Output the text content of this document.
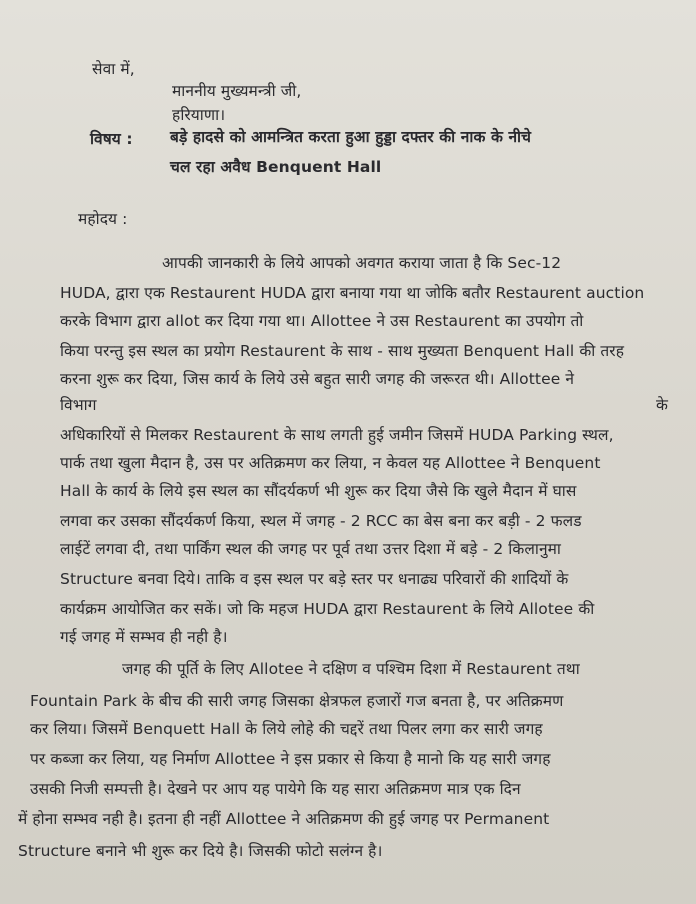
सेवा में,
माननीय मुख्यमन्त्री जी,
हरियाणा।
विषय : बड़े हादसे को आमन्त्रित करता हुआ हुड्डा दफ्तर की नाक के नीचे
चल रहा अवैध Benquent Hall
महोदय :
आपकी जानकारी के लिये आपको अवगत कराया जाता है कि Sec-12
HUDA, द्वारा एक Restaurent HUDA द्वारा बनाया गया था जोकि बतौर Restaurent auction
करके विभाग द्वारा allot कर दिया गया था। Allottee ने उस Restaurent का उपयोग तो
किया परन्तु इस स्थल का प्रयोग Restaurent के साथ - साथ मुख्यता Benquent Hall की तरह
करना शुरू कर दिया, जिस कार्य के लिये उसे बहुत सारी जगह की जरूरत थी। Allottee ने
विभाग	के
अधिकारियों से मिलकर Restaurent के साथ लगती हुई जमीन जिसमें HUDA Parking स्थल,
पार्क तथा खुला मैदान है, उस पर अतिक्रमण कर लिया, न केवल यह Allottee ने Benquent
Hall के कार्य के लिये इस स्थल का सौंदर्यकर्ण भी शुरू कर दिया जैसे कि खुले मैदान में घास
लगवा कर उसका सौंदर्यकर्ण किया, स्थल में जगह - 2 RCC का बेस बना कर बड़ी - 2 फलड
लाईटें लगवा दी, तथा पार्किंग स्थल की जगह पर पूर्व तथा उत्तर दिशा में बड़े - 2 किलानुमा
Structure बनवा दिये। ताकि व इस स्थल पर बड़े स्तर पर धनाढ्य परिवारों की शादियों के
कार्यक्रम आयोजित कर सकें। जो कि महज HUDA द्वारा Restaurent के लिये Allotee की
गई जगह में सम्भव ही नही है।
जगह की पूर्ति के लिए Allotee ने दक्षिण व पश्चिम दिशा में Restaurent तथा
Fountain Park के बीच की सारी जगह जिसका क्षेत्रफल हजारों गज बनता है, पर अतिक्रमण
कर लिया। जिसमें Benquett Hall के लिये लोहे की चद्दरें तथा पिलर लगा कर सारी जगह
पर कब्जा कर लिया, यह निर्माण Allottee ने इस प्रकार से किया है मानो कि यह सारी जगह
उसकी निजी सम्पत्ती है। देखने पर आप यह पायेगे कि यह सारा अतिक्रमण मात्र एक दिन
में होना सम्भव नही है। इतना ही नहीं Allottee ने अतिक्रमण की हुई जगह पर Permanent
Structure बनाने भी शुरू कर दिये है। जिसकी फोटो सलंग्न है।
